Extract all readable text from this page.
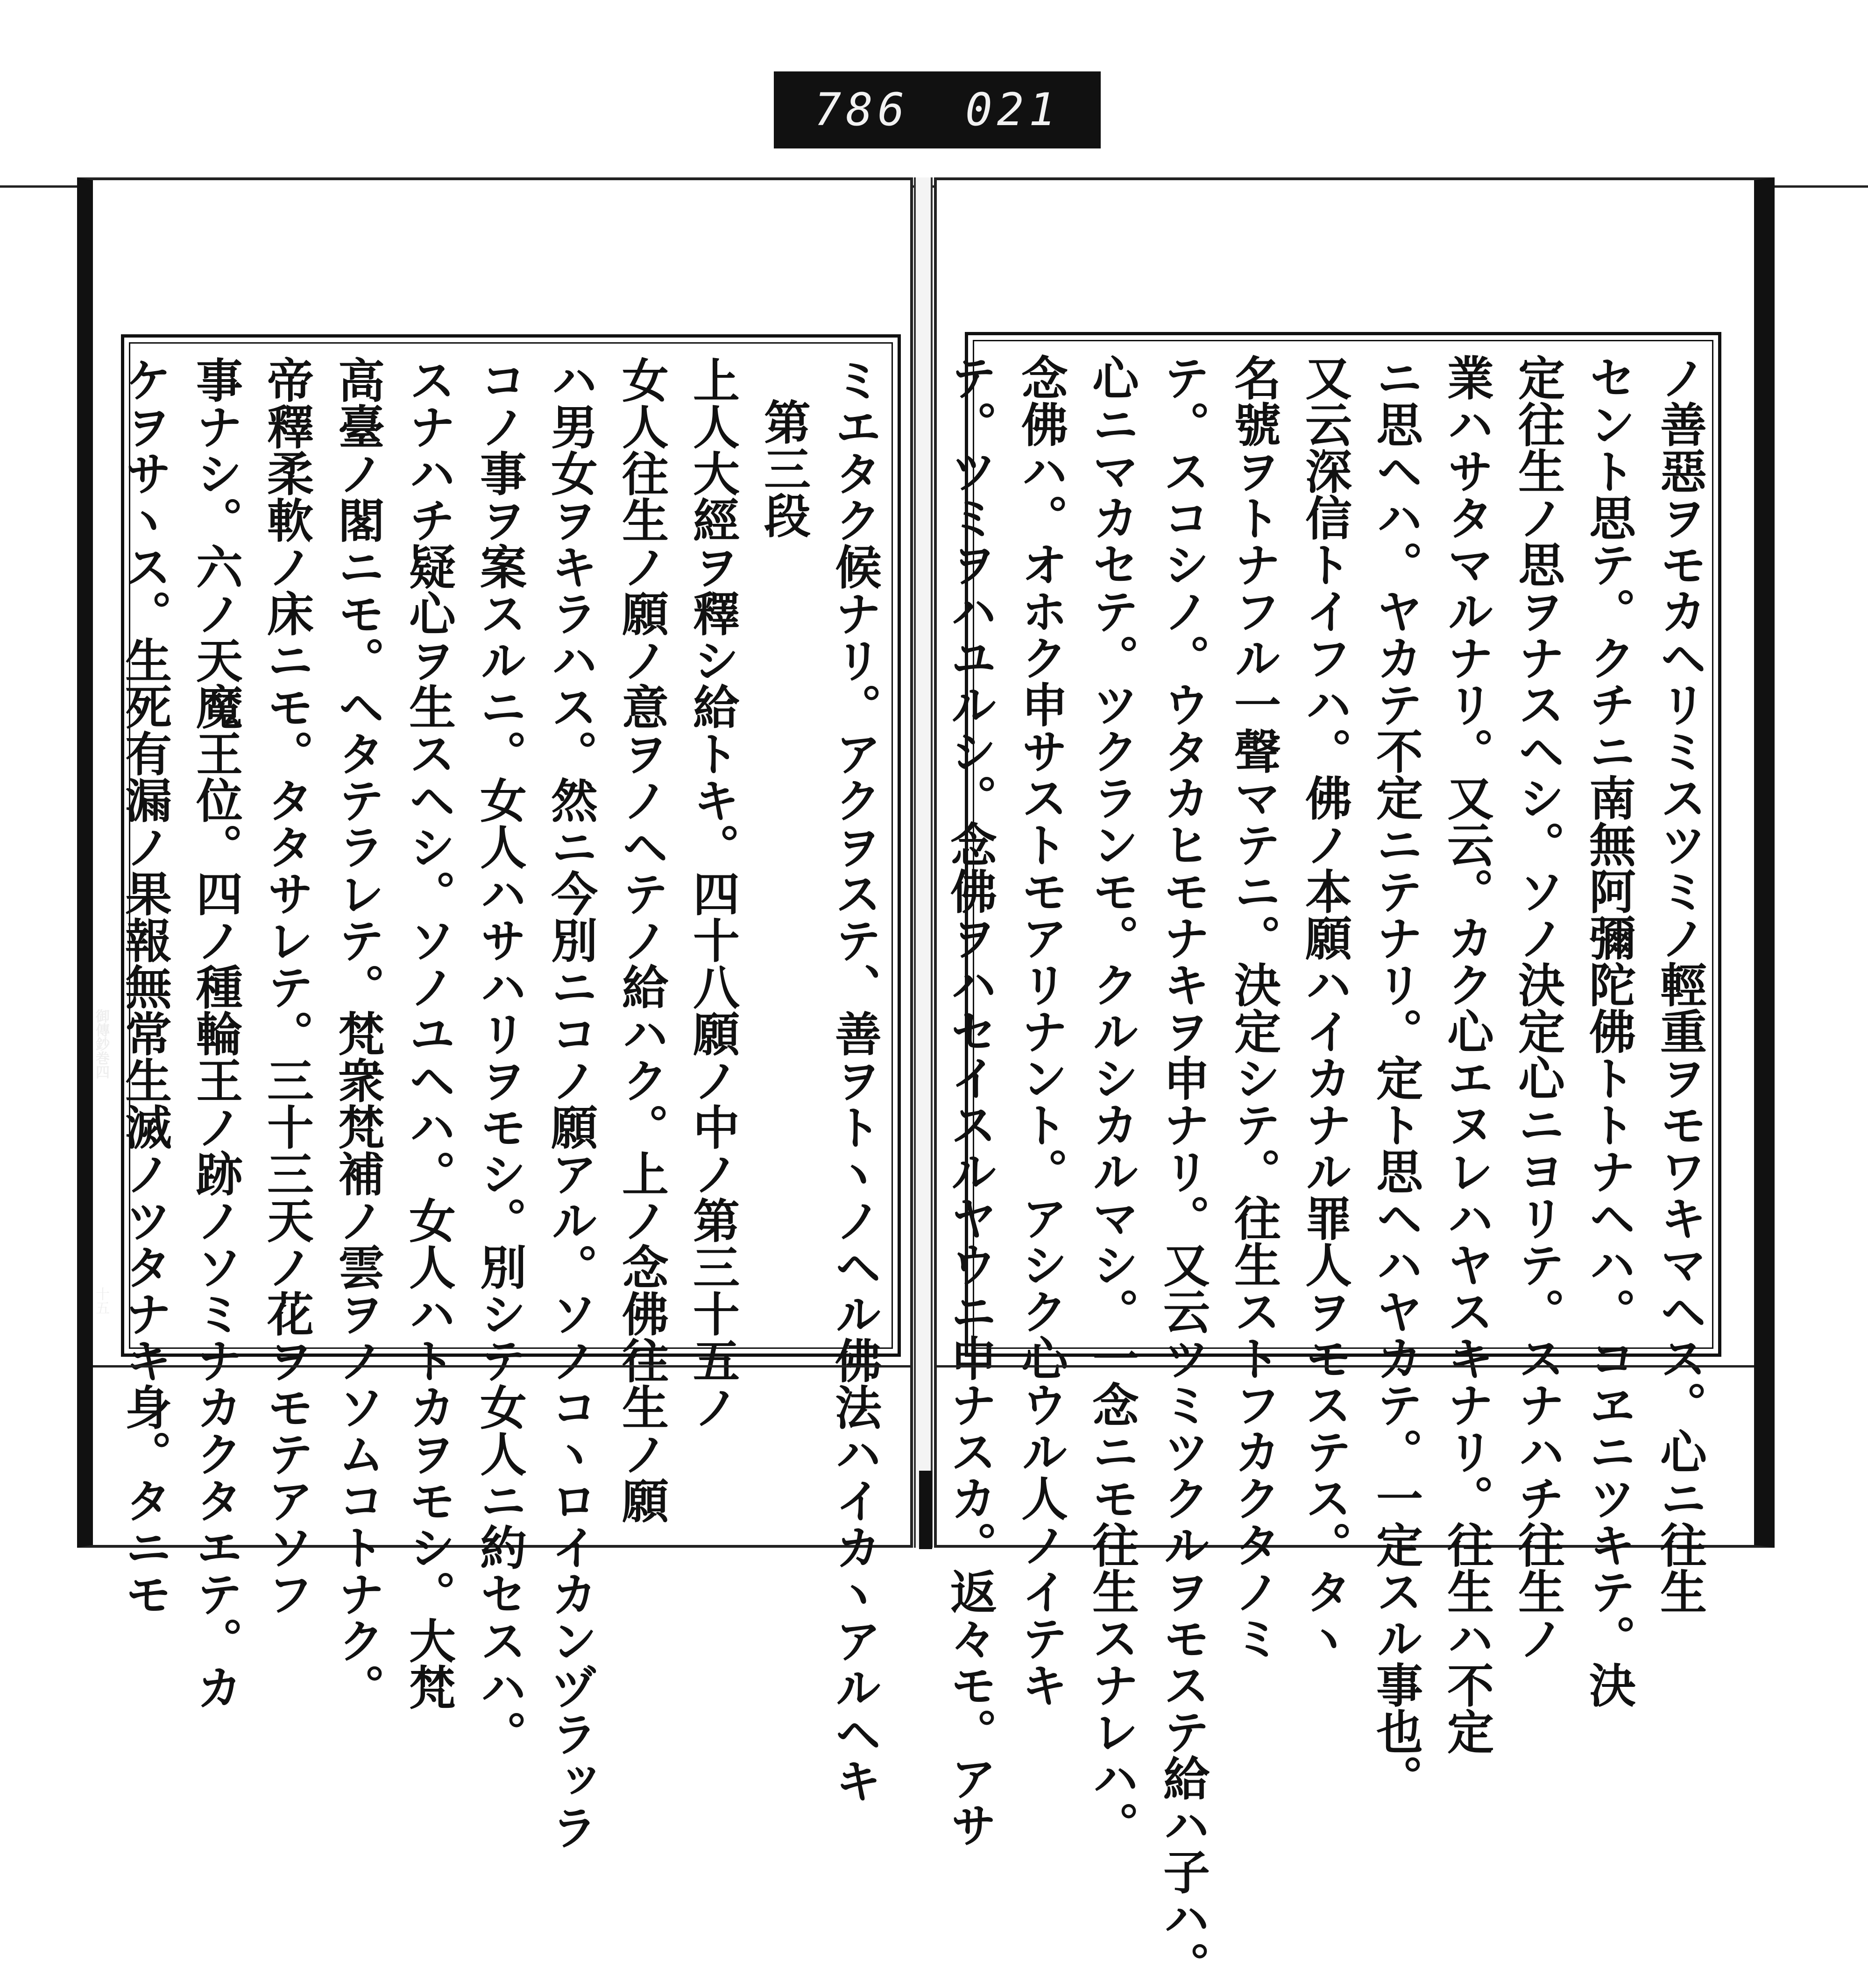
786 021
御傳鈔巻四
十五	ミエタク候ナリ。アクヲステ、善ヲトヽノヘル佛法ハイカヽアルヘキ
第三段
上人大經ヲ釋シ給トキ。四十八願ノ中ノ第三十五ノ
女人往生ノ願ノ意ヲノヘテノ給ハク。上ノ念佛往生ノ願
ハ男女ヲキラハス。然ニ今別ニコノ願アル。ソノコヽロイカンヅラッラ
コノ事ヲ案スルニ。女人ハサハリヲモシ。別シテ女人ニ約セスハ。
スナハチ疑心ヲ生スヘシ。ソノユヘハ。女人ハトカヲモシ。大梵
高臺ノ閣ニモ。ヘタテラレテ。梵衆梵補ノ雲ヲノソムコトナク。
帝釋柔軟ノ床ニモ。タタサレテ。三十三天ノ花ヲモテアソフ
事ナシ。六ノ天魔王位。四ノ種輪王ノ跡ノソミナカクタエテ。カ
ケヲサヽス。生死有漏ノ果報無常生滅ノツタナキ身。タニモ	ノ善惡ヲモカヘリミスツミノ輕重ヲモワキマヘス。心ニ往生
セント思テ。クチニ南無阿彌陀佛トトナヘハ。コヱニツキテ。決
定往生ノ思ヲナスヘシ。ソノ決定心ニヨリテ。スナハチ往生ノ
業ハサタマルナリ。又云。カク心エヌレハヤスキナリ。往生ハ不定
ニ思ヘハ。ヤカテ不定ニテナリ。定ト思ヘハヤカテ。一定スル事也。
又云深信トイフハ。佛ノ本願ハイカナル罪人ヲモステス。タヽ
名號ヲトナフル一聲マテニ。決定シテ。往生ストフカクタノミ
テ。スコシノ。ウタカヒモナキヲ申ナリ。又云ツミツクルヲモステ給ハ子ハ。
心ニマカセテ。ツクランモ。クルシカルマシ。一念ニモ往生スナレハ。
念佛ハ。オホク申サストモアリナント。アシク心ウル人ノイテキ
テ。ツミヲハユルシ。念佛ヲハセイスルヤウニ申ナスカ。返々モ。アサ
